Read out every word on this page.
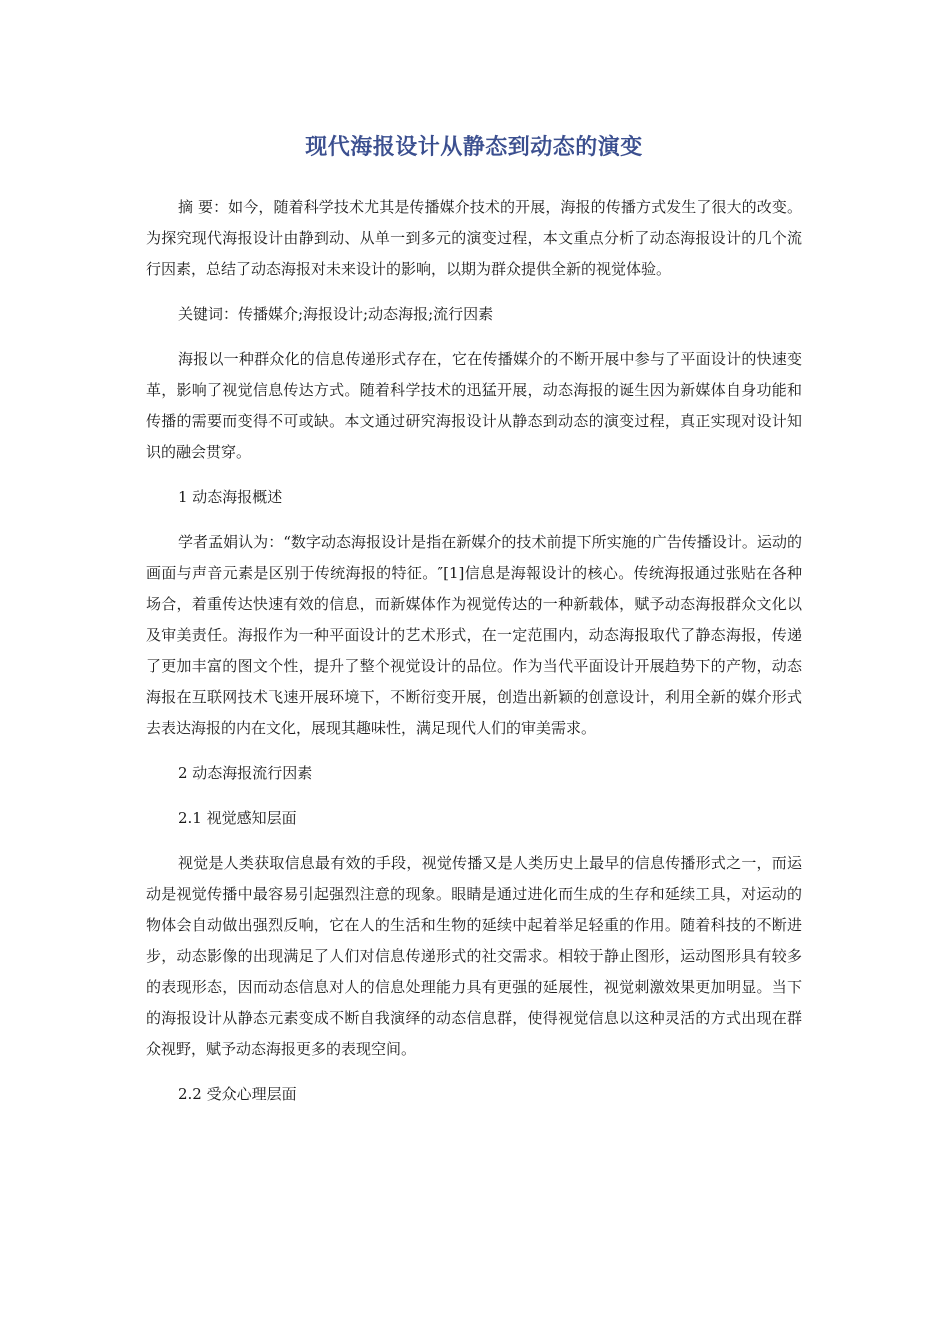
现代海报设计从静态到动态的演变

摘 要：如今，随着科学技术尤其是传播媒介技术的开展，海报的传播方式发生了很大的改变。为探究现代海报设计由静到动、从单一到多元的演变过程，本文重点分析了动态海报设计的几个流行因素，总结了动态海报对未来设计的影响，以期为群众提供全新的视觉体验。

关键词：传播媒介;海报设计;动态海报;流行因素

海报以一种群众化的信息传递形式存在，它在传播媒介的不断开展中参与了平面设计的快速变革，影响了视觉信息传达方式。随着科学技术的迅猛开展，动态海报的诞生因为新媒体自身功能和传播的需要而变得不可或缺。本文通过研究海报设计从静态到动态的演变过程，真正实现对设计知识的融会贯穿。

1 动态海报概述

学者孟娟认为：“数字动态海报设计是指在新媒介的技术前提下所实施的广告传播设计。运动的画面与声音元素是区别于传统海报的特征。″[1]信息是海報设计的核心。传统海报通过张贴在各种场合，着重传达快速有效的信息，而新媒体作为视觉传达的一种新载体，赋予动态海报群众文化以及审美责任。海报作为一种平面设计的艺术形式，在一定范围内，动态海报取代了静态海报，传递了更加丰富的图文个性，提升了整个视觉设计的品位。作为当代平面设计开展趋势下的产物，动态海报在互联网技术飞速开展环境下，不断衍变开展，创造出新颖的创意设计，利用全新的媒介形式去表达海报的内在文化，展现其趣味性，满足现代人们的审美需求。

2 动态海报流行因素

2.1 视觉感知层面

视觉是人类获取信息最有效的手段，视觉传播又是人类历史上最早的信息传播形式之一，而运动是视觉传播中最容易引起强烈注意的现象。眼睛是通过进化而生成的生存和延续工具，对运动的物体会自动做出强烈反响，它在人的生活和生物的延续中起着举足轻重的作用。随着科技的不断进步，动态影像的出现满足了人们对信息传递形式的社交需求。相较于静止图形，运动图形具有较多的表现形态，因而动态信息对人的信息处理能力具有更强的延展性，视觉刺激效果更加明显。当下的海报设计从静态元素变成不断自我演绎的动态信息群，使得视觉信息以这种灵活的方式出现在群众视野，赋予动态海报更多的表现空间。

2.2 受众心理层面
